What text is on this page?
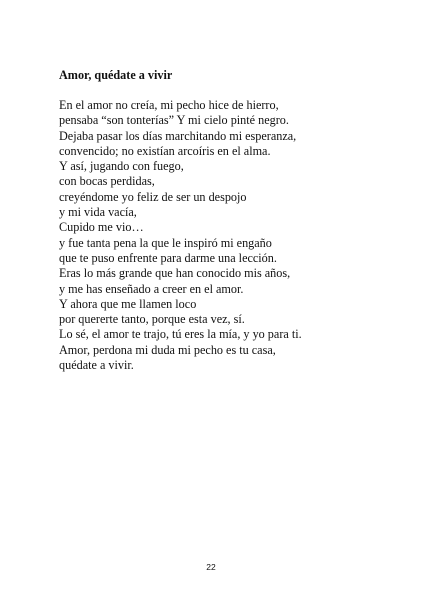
Amor, quédate a vivir
En el amor no creía, mi pecho hice de hierro,
pensaba “son tonterías” Y mi cielo pinté negro.
Dejaba pasar los días marchitando mi esperanza,
convencido; no existían arcoíris en el alma.
Y así, jugando con fuego,
con bocas perdidas,
creyéndome yo feliz de ser un despojo
y mi vida vacía,
Cupido me vio…
y fue tanta pena la que le inspiró mi engaño
que te puso enfrente para darme una lección.
Eras lo más grande que han conocido mis años,
y me has enseñado a creer en el amor.
Y ahora que me llamen loco
por quererte tanto, porque esta vez, sí.
Lo sé, el amor te trajo, tú eres la mía, y yo para ti.
Amor, perdona mi duda mi pecho es tu casa,
quédate a vivir.
22
